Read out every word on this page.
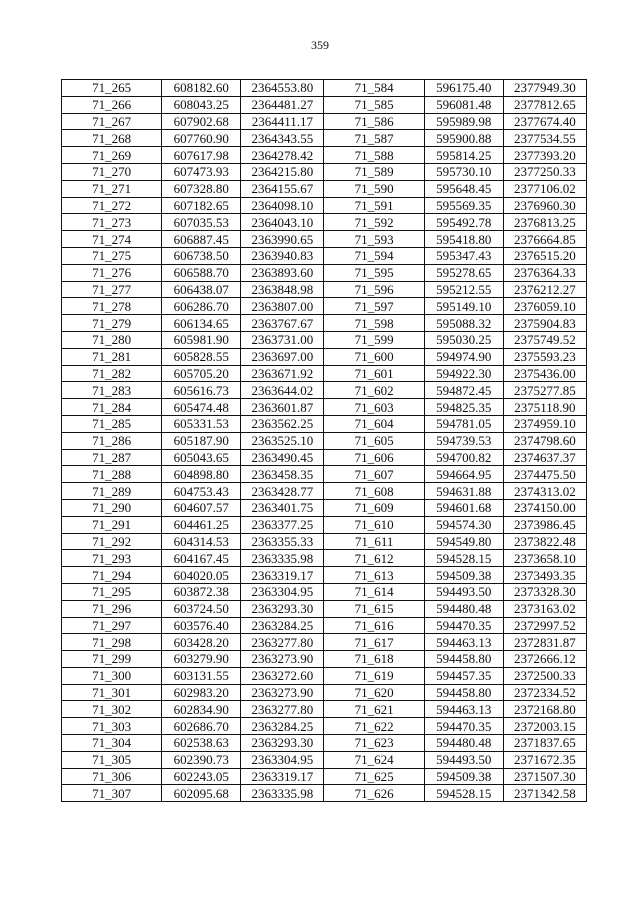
359
71_265	608182.60	2364553.80	71_584	596175.40	2377949.30
71_266	608043.25	2364481.27	71_585	596081.48	2377812.65
71_267	607902.68	2364411.17	71_586	595989.98	2377674.40
71_268	607760.90	2364343.55	71_587	595900.88	2377534.55
71_269	607617.98	2364278.42	71_588	595814.25	2377393.20
71_270	607473.93	2364215.80	71_589	595730.10	2377250.33
71_271	607328.80	2364155.67	71_590	595648.45	2377106.02
71_272	607182.65	2364098.10	71_591	595569.35	2376960.30
71_273	607035.53	2364043.10	71_592	595492.78	2376813.25
71_274	606887.45	2363990.65	71_593	595418.80	2376664.85
71_275	606738.50	2363940.83	71_594	595347.43	2376515.20
71_276	606588.70	2363893.60	71_595	595278.65	2376364.33
71_277	606438.07	2363848.98	71_596	595212.55	2376212.27
71_278	606286.70	2363807.00	71_597	595149.10	2376059.10
71_279	606134.65	2363767.67	71_598	595088.32	2375904.83
71_280	605981.90	2363731.00	71_599	595030.25	2375749.52
71_281	605828.55	2363697.00	71_600	594974.90	2375593.23
71_282	605705.20	2363671.92	71_601	594922.30	2375436.00
71_283	605616.73	2363644.02	71_602	594872.45	2375277.85
71_284	605474.48	2363601.87	71_603	594825.35	2375118.90
71_285	605331.53	2363562.25	71_604	594781.05	2374959.10
71_286	605187.90	2363525.10	71_605	594739.53	2374798.60
71_287	605043.65	2363490.45	71_606	594700.82	2374637.37
71_288	604898.80	2363458.35	71_607	594664.95	2374475.50
71_289	604753.43	2363428.77	71_608	594631.88	2374313.02
71_290	604607.57	2363401.75	71_609	594601.68	2374150.00
71_291	604461.25	2363377.25	71_610	594574.30	2373986.45
71_292	604314.53	2363355.33	71_611	594549.80	2373822.48
71_293	604167.45	2363335.98	71_612	594528.15	2373658.10
71_294	604020.05	2363319.17	71_613	594509.38	2373493.35
71_295	603872.38	2363304.95	71_614	594493.50	2373328.30
71_296	603724.50	2363293.30	71_615	594480.48	2373163.02
71_297	603576.40	2363284.25	71_616	594470.35	2372997.52
71_298	603428.20	2363277.80	71_617	594463.13	2372831.87
71_299	603279.90	2363273.90	71_618	594458.80	2372666.12
71_300	603131.55	2363272.60	71_619	594457.35	2372500.33
71_301	602983.20	2363273.90	71_620	594458.80	2372334.52
71_302	602834.90	2363277.80	71_621	594463.13	2372168.80
71_303	602686.70	2363284.25	71_622	594470.35	2372003.15
71_304	602538.63	2363293.30	71_623	594480.48	2371837.65
71_305	602390.73	2363304.95	71_624	594493.50	2371672.35
71_306	602243.05	2363319.17	71_625	594509.38	2371507.30
71_307	602095.68	2363335.98	71_626	594528.15	2371342.58
